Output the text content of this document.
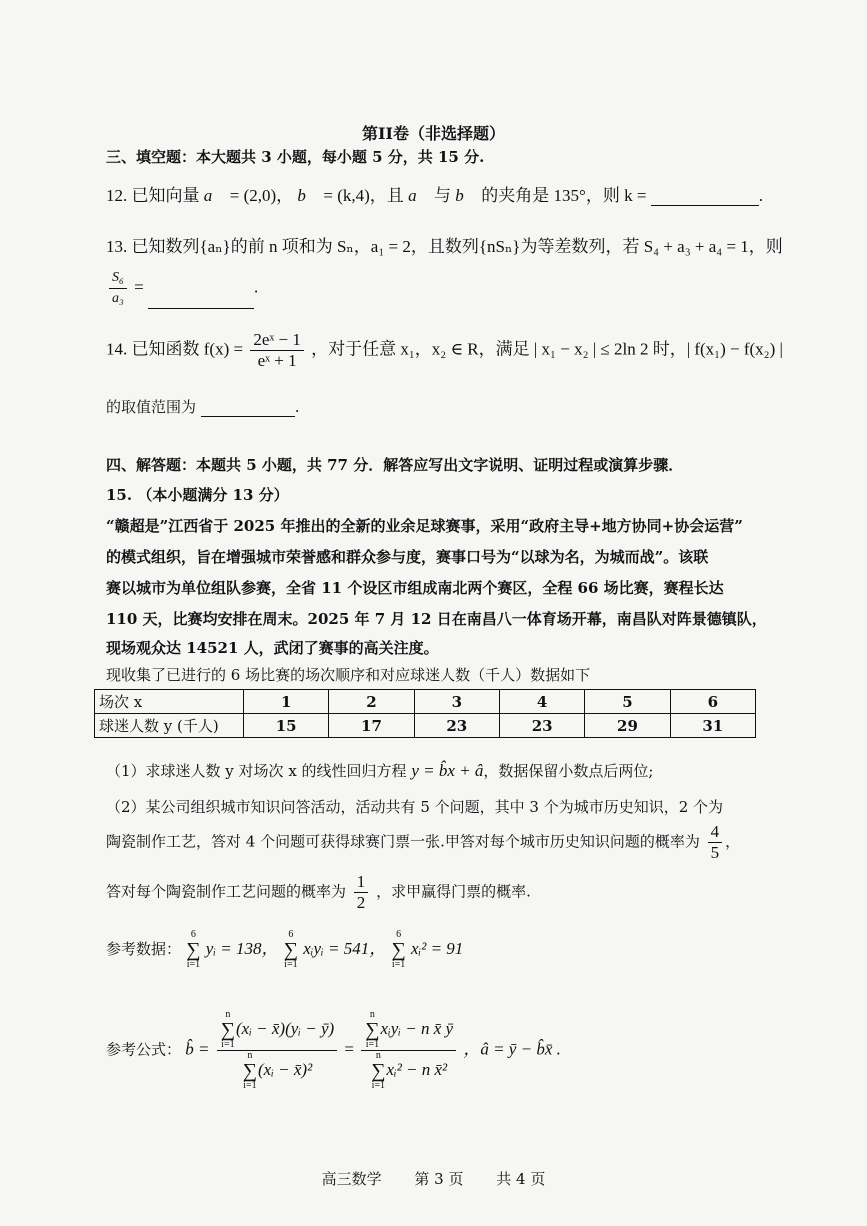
第II卷（非选择题）
三、填空题：本大题共 3 小题，每小题 5 分，共 15 分.
12. 已知向量 a⃗ = (2,0)， b⃗ = (k,4)，且 a⃗ 与 b⃗ 的夹角是 135°，则 k =	.
13. 已知数列{aₙ}的前 n 项和为 Sₙ，a₁ = 2，且数列{nSₙ}为等差数列，若 S₄ + a₃ + a₄ = 1，则
$\frac{\text{S₆}}{\text{a₃}}$ =	.
14. 已知函数 $f(x) = \frac{\text{2eˣ − 1}}{\text{eˣ + 1}}$ ，对于任意 x₁，x₂ ∈ R，满足 | x₁ − x₂ | ≤ 2ln 2 时，| f(x₁) − f(x₂) |
的取值范围为	.
四、解答题：本题共 5 小题，共 77 分．解答应写出文字说明、证明过程或演算步骤．
15. （本小题满分 13 分）
“赣超是”江西省于 2025 年推出的全新的业余足球赛事，采用“政府主导+地方协同+协会运营”
的模式组织，旨在增强城市荣誉感和群众参与度，赛事口号为“以球为名，为城而战”。该联
赛以城市为单位组队参赛，全省 11 个设区市组成南北两个赛区，全程 66 场比赛，赛程长达
110 天，比赛均安排在周末。2025 年 7 月 12 日在南昌八一体育场开幕，南昌队对阵景德镇队，
现场观众达 14521 人，武闭了赛事的高关注度。
现收集了已进行的 6 场比赛的场次顺序和对应球迷人数（千人）数据如下
场次 x	1	2	3	4	5	6
球迷人数 y (千人)	15	17	23	23	29	31
（1）求球迷人数 y 对场次 x 的线性回归方程 y = b̂x + â，数据保留小数点后两位;
（2）某公司组织城市知识问答活动，活动共有 5 个问题，其中 3 个为城市历史知识，2 个为
陶瓷制作工艺，答对 4 个问题可获得球赛门票一张.甲答对每个城市历史知识问题的概率为 $\frac{4}{5}$ ，
答对每个陶瓷制作工艺问题的概率为 $\frac{1}{2}$ ，求甲赢得门票的概率.
参考数据： 6
∑
i=1 yᵢ = 138， 6
∑
i=1 xᵢyᵢ = 541， 6
∑
i=1 xᵢ² = 91
参考公式： b̂ = n
∑
i=1(xᵢ − x̄)(yᵢ − ȳ)
n
∑
i=1(xᵢ − x̄)² = n
∑
i=1xᵢyᵢ − n x̄ ȳ
n
∑
i=1xᵢ² − n x̄² ，â = ȳ − b̂x̄ .
高三数学 第 3 页 共 4 页
